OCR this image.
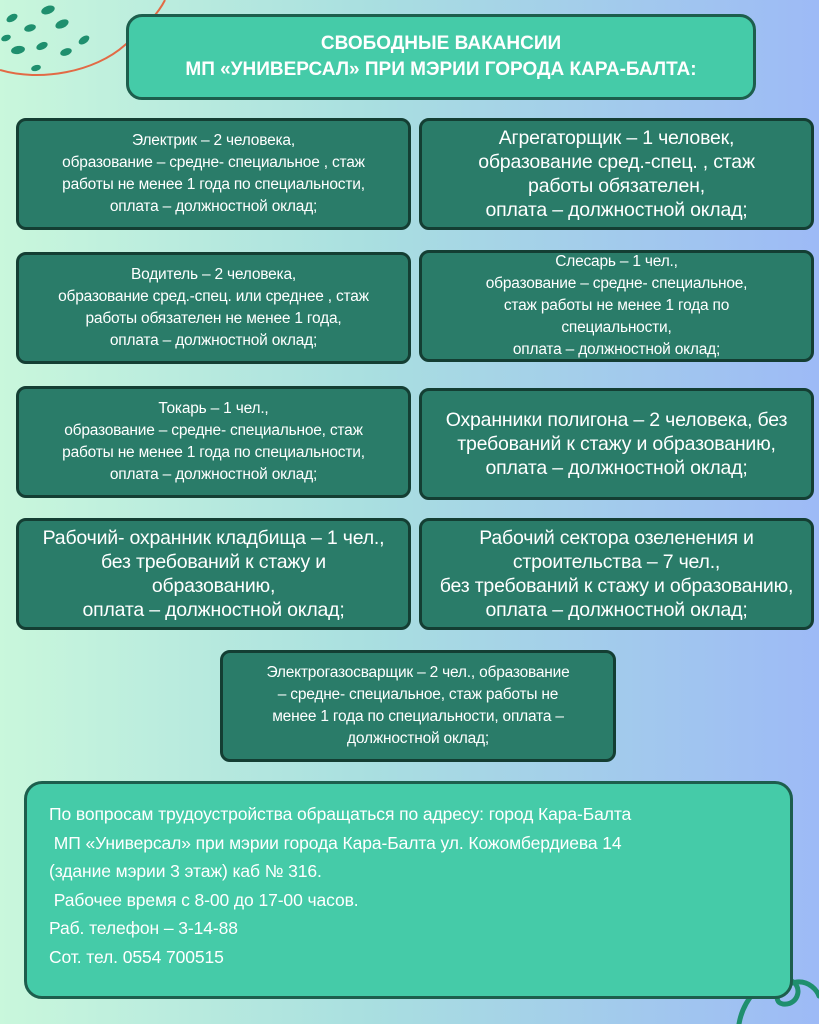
СВОБОДНЫЕ ВАКАНСИИ
МП «УНИВЕРСАЛ» ПРИ МЭРИИ ГОРОДА КАРА-БАЛТА:
Электрик – 2 человека,
образование – средне- специальное , стаж
работы не менее 1 года по специальности,
оплата – должностной оклад;
Агрегаторщик – 1 человек,
образование сред.-спец. , стаж
работы обязателен,
оплата – должностной оклад;
Водитель – 2 человека,
образование сред.-спец. или среднее , стаж
работы обязателен не менее 1 года,
оплата – должностной оклад;
Слесарь – 1 чел.,
образование – средне- специальное,
стаж работы не менее 1 года по
специальности,
оплата – должностной оклад;
Токарь – 1 чел.,
образование – средне- специальное, стаж
работы не менее 1 года по специальности,
оплата – должностной оклад;
Охранники полигона – 2 человека, без
требований к стажу и образованию,
оплата – должностной оклад;
Рабочий- охранник кладбища – 1 чел.,
без требований к стажу и
образованию,
оплата – должностной оклад;
Рабочий сектора озеленения и
строительства – 7 чел.,
без требований к стажу и образованию,
оплата – должностной оклад;
Электрогазосварщик – 2 чел., образование
– средне- специальное, стаж работы не
менее 1 года по специальности, оплата –
должностной оклад;
По вопросам трудоустройства обращаться по адресу: город Кара-Балта
МП «Универсал» при мэрии города Кара-Балта ул. Кожомбердиева 14
(здание мэрии 3 этаж) каб № 316.
Рабочее время с 8-00 до 17-00 часов.
Раб. телефон – 3-14-88
Сот. тел. 0554 700515
